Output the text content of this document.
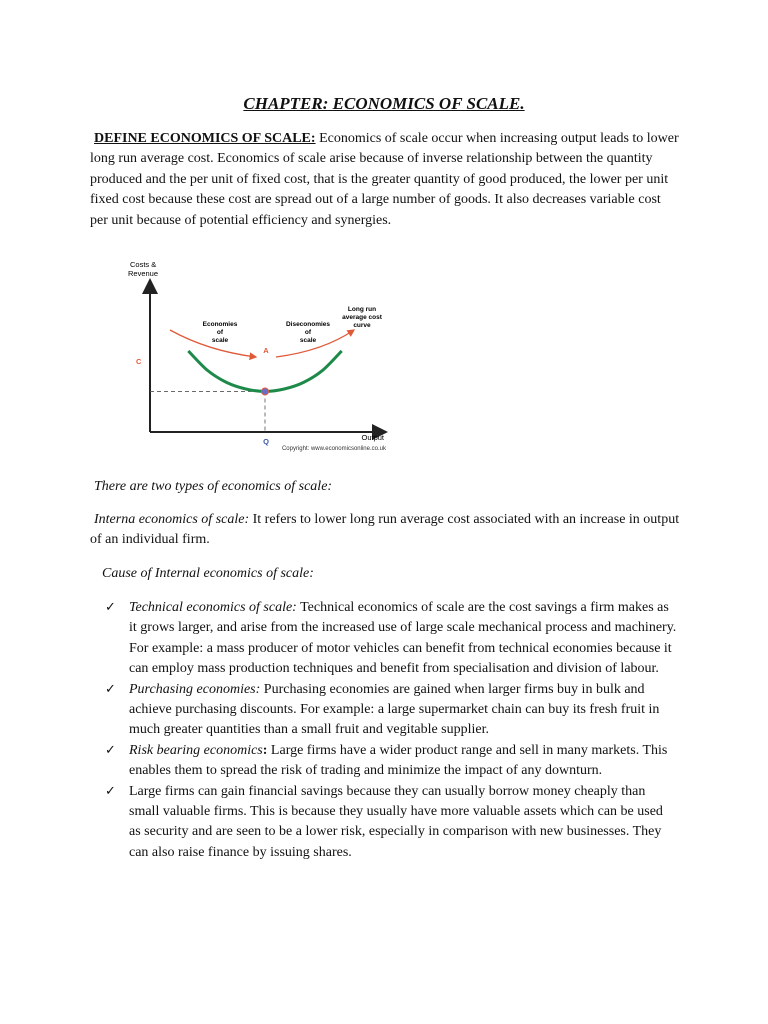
CHAPTER: ECONOMICS OF SCALE.
DEFINE ECONOMICS OF SCALE: Economics of scale occur when increasing output leads to lower long run average cost. Economics of scale arise because of inverse relationship between the quantity produced and the per unit of fixed cost, that is the greater quantity of good produced, the lower per unit fixed cost because these cost are spread out of a large number of goods. It also decreases variable cost per unit because of potential efficiency and synergies.
Costs &
Revenue
Economies
of
scale
Diseconomies
of
scale
Long run
average cost
curve
A
C
Q	Output
Copyright: www.economicsonline.co.uk
There are two types of economics of scale:
Interna economics of scale: It refers to lower long run average cost associated with an increase in output of an individual firm.
Cause of Internal economics of scale:
✓ Technical economics of scale: Technical economics of scale are the cost savings a firm makes as it grows larger, and arise from the increased use of large scale mechanical process and machinery. For example: a mass producer of motor vehicles can benefit from technical economies because it can employ mass production techniques and benefit from specialisation and division of labour.
✓ Purchasing economies: Purchasing economies are gained when larger firms buy in bulk and achieve purchasing discounts. For example: a large supermarket chain can buy its fresh fruit in much greater quantities than a small fruit and vegitable supplier.
✓ Risk bearing economics: Large firms have a wider product range and sell in many markets. This enables them to spread the risk of trading and minimize the impact of any downturn.
✓ Large firms can gain financial savings because they can usually borrow money cheaply than small valuable firms. This is because they usually have more valuable assets which can be used as security and are seen to be a lower risk, especially in comparison with new businesses. They can also raise finance by issuing shares.
